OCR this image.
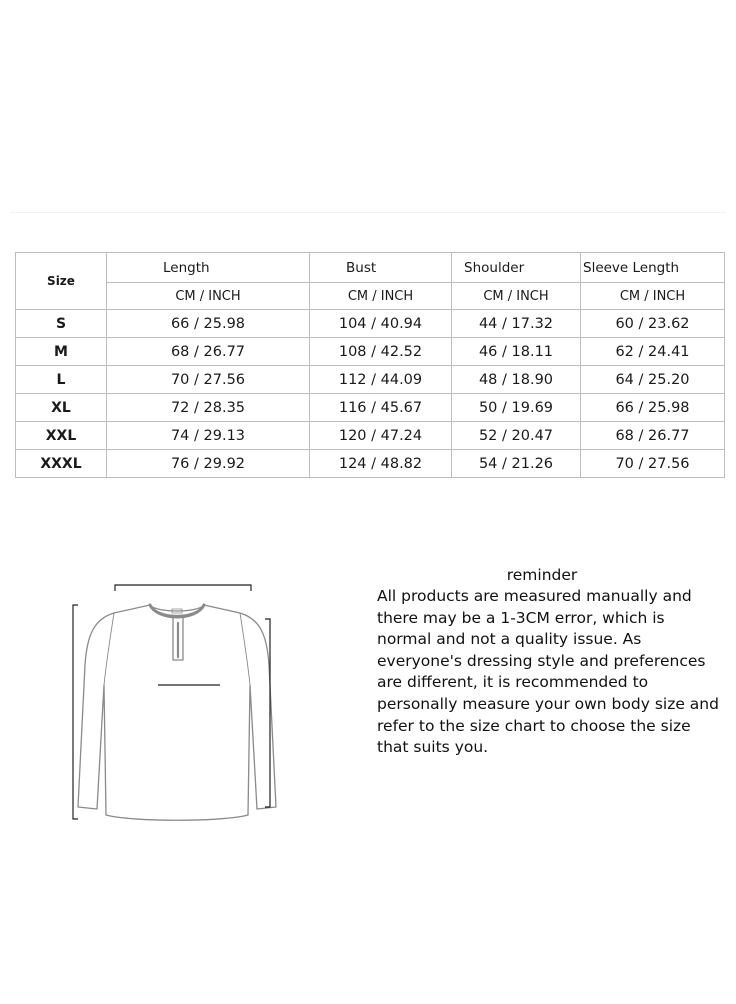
Size	Length	Bust	Shoulder	Sleeve Length
	CM / INCH	CM / INCH	CM / INCH	CM / INCH
S	66 / 25.98	104 / 40.94	44 / 17.32	60 / 23.62
M	68 / 26.77	108 / 42.52	46 / 18.11	62 / 24.41
L	70 / 27.56	112 / 44.09	48 / 18.90	64 / 25.20
XL	72 / 28.35	116 / 45.67	50 / 19.69	66 / 25.98
XXL	74 / 29.13	120 / 47.24	52 / 20.47	68 / 26.77
XXXL	76 / 29.92	124 / 48.82	54 / 21.26	70 / 27.56
reminder
All products are measured manually and there may be a 1-3CM error, which is normal and not a quality issue. As everyone's dressing style and preferences are different, it is recommended to personally measure your own body size and refer to the size chart to choose the size that suits you.
